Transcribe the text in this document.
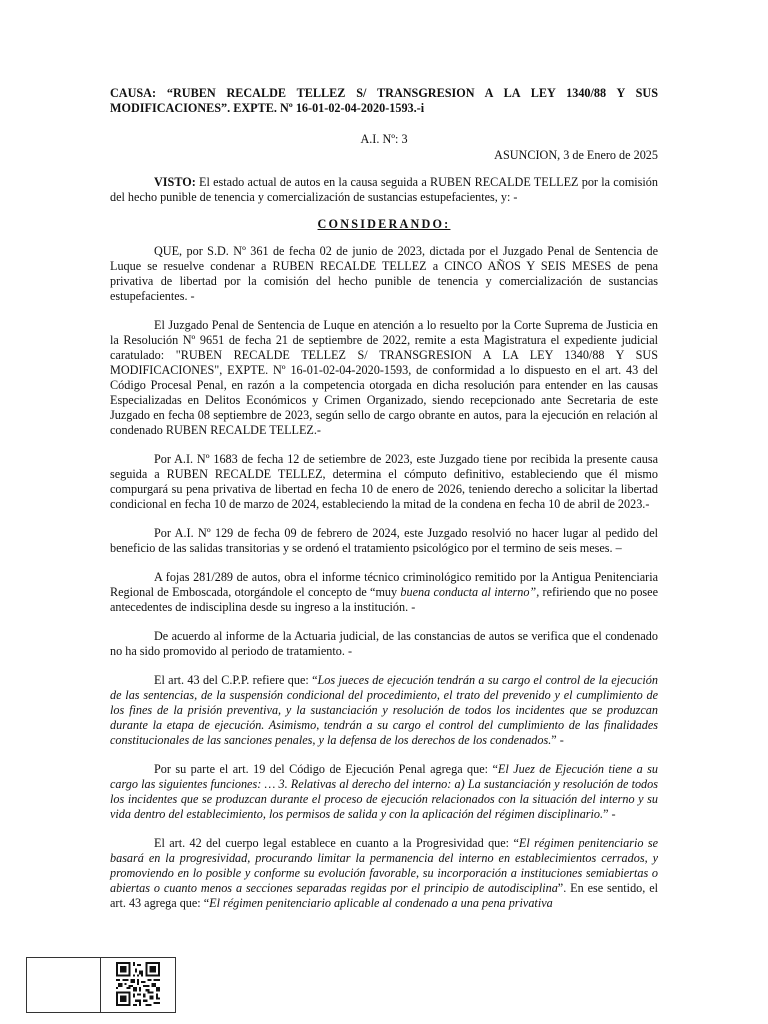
CAUSA: “RUBEN RECALDE TELLEZ S/ TRANSGRESION A LA LEY 1340/88 Y SUS MODIFICACIONES”. EXPTE. Nº 16-01-02-04-2020-1593.-i

A.I. Nº: 3
ASUNCION, 3 de Enero de 2025

VISTO: El estado actual de autos en la causa seguida a RUBEN RECALDE TELLEZ por la comisión del hecho punible de tenencia y comercialización de sustancias estupefacientes, y: -

CONSIDERANDO:

QUE, por S.D. Nº 361 de fecha 02 de junio de 2023, dictada por el Juzgado Penal de Sentencia de Luque se resuelve condenar a RUBEN RECALDE TELLEZ a CINCO AÑOS Y SEIS MESES de pena privativa de libertad por la comisión del hecho punible de tenencia y comercialización de sustancias estupefacientes. -

El Juzgado Penal de Sentencia de Luque en atención a lo resuelto por la Corte Suprema de Justicia en la Resolución Nº 9651 de fecha 21 de septiembre de 2022, remite a esta Magistratura el expediente judicial caratulado: "RUBEN RECALDE TELLEZ S/ TRANSGRESION A LA LEY 1340/88 Y SUS MODIFICACIONES", EXPTE. Nº 16-01-02-04-2020-1593, de conformidad a lo dispuesto en el art. 43 del Código Procesal Penal, en razón a la competencia otorgada en dicha resolución para entender en las causas Especializadas en Delitos Económicos y Crimen Organizado, siendo recepcionado ante Secretaria de este Juzgado en fecha 08 septiembre de 2023, según sello de cargo obrante en autos, para la ejecución en relación al condenado RUBEN RECALDE TELLEZ.-

Por A.I. Nº 1683 de fecha 12 de setiembre de 2023, este Juzgado tiene por recibida la presente causa seguida a RUBEN RECALDE TELLEZ, determina el cómputo definitivo, estableciendo que él mismo compurgará su pena privativa de libertad en fecha 10 de enero de 2026, teniendo derecho a solicitar la libertad condicional en fecha 10 de marzo de 2024, estableciendo la mitad de la condena en fecha 10 de abril de 2023.-

Por A.I. Nº 129 de fecha 09 de febrero de 2024, este Juzgado resolvió no hacer lugar al pedido del beneficio de las salidas transitorias y se ordenó el tratamiento psicológico por el termino de seis meses. –

A fojas 281/289 de autos, obra el informe técnico criminológico remitido por la Antigua Penitenciaria Regional de Emboscada, otorgándole el concepto de “muy buena conducta al interno”, refiriendo que no posee antecedentes de indisciplina desde su ingreso a la institución. -

De acuerdo al informe de la Actuaria judicial, de las constancias de autos se verifica que el condenado no ha sido promovido al periodo de tratamiento. -

El art. 43 del C.P.P. refiere que: “Los jueces de ejecución tendrán a su cargo el control de la ejecución de las sentencias, de la suspensión condicional del procedimiento, el trato del prevenido y el cumplimiento de los fines de la prisión preventiva, y la sustanciación y resolución de todos los incidentes que se produzcan durante la etapa de ejecución. Asimismo, tendrán a su cargo el control del cumplimiento de las finalidades constitucionales de las sanciones penales, y la defensa de los derechos de los condenados.” -

Por su parte el art. 19 del Código de Ejecución Penal agrega que: “El Juez de Ejecución tiene a su cargo las siguientes funciones: … 3. Relativas al derecho del interno: a) La sustanciación y resolución de todos los incidentes que se produzcan durante el proceso de ejecución relacionados con la situación del interno y su vida dentro del establecimiento, los permisos de salida y con la aplicación del régimen disciplinario.” -

El art. 42 del cuerpo legal establece en cuanto a la Progresividad que: “El régimen penitenciario se basará en la progresividad, procurando limitar la permanencia del interno en establecimientos cerrados, y promoviendo en lo posible y conforme su evolución favorable, su incorporación a instituciones semiabiertas o abiertas o cuanto menos a secciones separadas regidas por el principio de autodisciplina”. En ese sentido, el art. 43 agrega que: “El régimen penitenciario aplicable al condenado a una pena privativa
